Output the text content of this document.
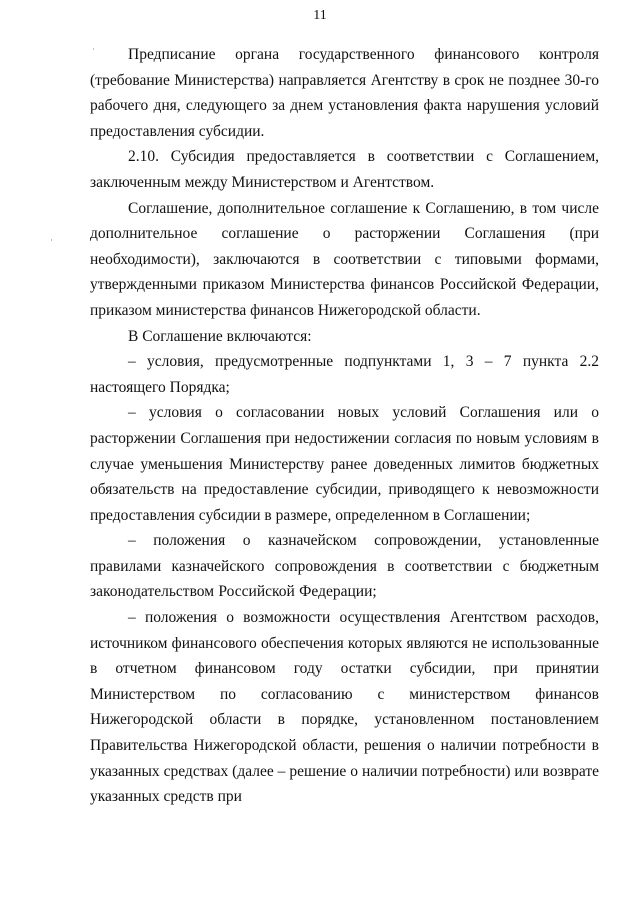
11

Предписание органа государственного финансового контроля (требование Министерства) направляется Агентству в срок не позднее 30-го рабочего дня, следующего за днем установления факта нарушения условий предоставления субсидии.

2.10. Субсидия предоставляется в соответствии с Соглашением, заключенным между Министерством и Агентством.

Соглашение, дополнительное соглашение к Соглашению, в том числе дополнительное соглашение о расторжении Соглашения (при необходимости), заключаются в соответствии с типовыми формами, утвержденными приказом Министерства финансов Российской Федерации, приказом министерства финансов Нижегородской области.

В Соглашение включаются:

– условия, предусмотренные подпунктами 1, 3 – 7 пункта 2.2 настоящего Порядка;

– условия о согласовании новых условий Соглашения или о расторжении Соглашения при недостижении согласия по новым условиям в случае уменьшения Министерству ранее доведенных лимитов бюджетных обязательств на предоставление субсидии, приводящего к невозможности предоставления субсидии в размере, определенном в Соглашении;

– положения о казначейском сопровождении, установленные правилами казначейского сопровождения в соответствии с бюджетным законодательством Российской Федерации;

– положения о возможности осуществления Агентством расходов, источником финансового обеспечения которых являются не использованные в отчетном финансовом году остатки субсидии, при принятии Министерством по согласованию с министерством финансов Нижегородской области в порядке, установленном постановлением Правительства Нижегородской области, решения о наличии потребности в указанных средствах (далее – решение о наличии потребности) или возврате указанных средств при
